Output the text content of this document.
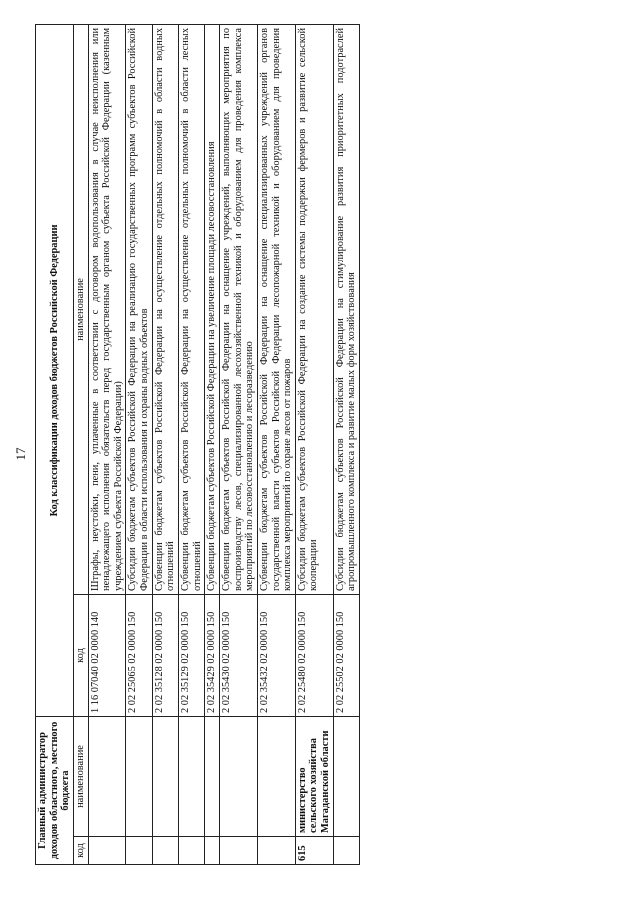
17
Главный администратор доходов областного, местного бюджета		Код классификации доходов бюджетов Российской Федерации	
код	наименование	код	наименование
		1 16 07040 02 0000 140	Штрафы, неустойки, пени, уплаченные в соответствии с договором водопользования в случае неисполнения или ненадлежащего исполнения обязательств перед государственным органом субъекта Российской Федерации (казенным учреждением субъекта Российской Федерации)
		2 02 25065 02 0000 150	Субсидии бюджетам субъектов Российской Федерации на реализацию государственных программ субъектов Российской Федерации в области использования и охраны водных объектов
		2 02 35128 02 0000 150	Субвенции бюджетам субъектов Российской Федерации на осуществление отдельных полномочий в области водных отношений
		2 02 35129 02 0000 150	Субвенции бюджетам субъектов Российской Федерации на осуществление отдельных полномочий в области лесных отношений
		2 02 35429 02 0000 150	Субвенции бюджетам субъектов Российской Федерации на увеличение площади лесовосстановления
		2 02 35430 02 0000 150	Субвенции бюджетам субъектов Российской Федерации на оснащение учреждений, выполняющих мероприятия по воспроизводству лесов, специализированной лесохозяйственной техникой и оборудованием для проведения комплекса мероприятий по лесовосстановлению и лесоразведению
		2 02 35432 02 0000 150	Субвенции бюджетам субъектов Российской Федерации на оснащение специализированных учреждений органов государственной власти субъектов Российской Федерации лесопожарной техникой и оборудованием для проведения комплекса мероприятий по охране лесов от пожаров
615	министерство сельского хозяйства Магаданской области	2 02 25480 02 0000 150	Субсидии бюджетам субъектов Российской Федерации на создание системы поддержки фермеров и развитие сельской кооперации
		2 02 25502 02 0000 150	Субсидии бюджетам субъектов Российской Федерации на стимулирование развития приоритетных подотраслей агропромышленного комплекса и развитие малых форм хозяйствования
